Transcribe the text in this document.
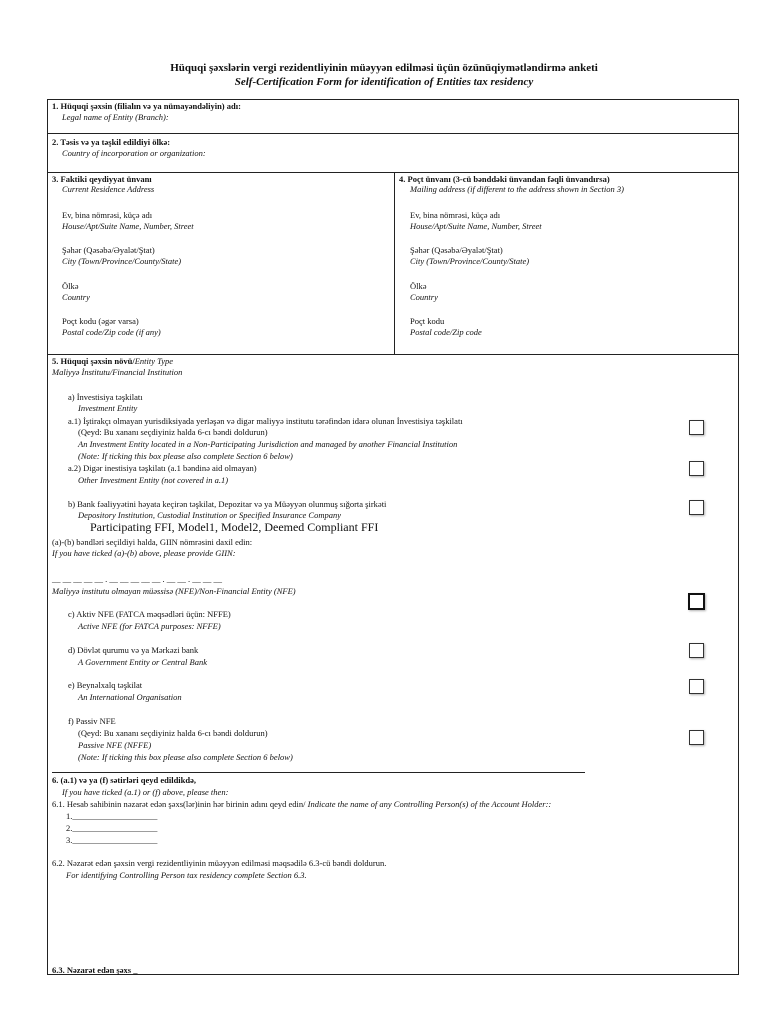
Hüquqi şəxslərin vergi rezidentliyinin müəyyən edilməsi üçün özünüqiymətləndirmə anketi
Self-Certification Form for identification of Entities tax residency
1. Hüquqi şəxsin (filialın və ya nümayəndəliyin) adı:
Legal name of Entity (Branch):
2. Təsis və ya təşkil edildiyi ölkə:
Country of incorporation or organization:
3. Faktiki qeydiyyat ünvanı
Current Residence Address
Ev, bina nömrəsi, küçə adı
House/Apt/Suite Name, Number, Street
Şəhər (Qəsəbə/Əyalət/Ştat)
City (Town/Province/County/State)
Ölkə
Country
Poçt kodu (əgər varsa)
Postal code/Zip code (if any)
4. Poçt ünvanı (3-cü bənddəki ünvandan fəqli ünvandırsa)
Mailing address (if different to the address shown in Section 3)
Ev, bina nömrəsi, küçə adı
House/Apt/Suite Name, Number, Street
Şəhər (Qəsəbə/Əyalət/Ştat)
City (Town/Province/County/State)
Ölkə
Country
Poçt kodu
Postal code/Zip code
5. Hüquqi şəxsin növü/Entity Type
Maliyyə İnstitutu/Financial Institution
a) İnvestisiya təşkilatı
Investment Entity
a.1) İştirakçı olmayan yurisdiksiyada yerləşən və digər maliyyə institutu tərəfindən idarə olunan İnvestisiya təşkilatı
(Qeyd: Bu xananı seçdiyiniz halda 6-cı bəndi doldurun)
An Investment Entity located in a Non-Participating Jurisdiction and managed by another Financial Institution
(Note: If ticking this box please also complete Section 6 below)
a.2) Digər inestisiya təşkilatı (a.1 bəndinə aid olmayan)
Other Investment Entity (not covered in a.1)
b) Bank fəaliyyətini həyata keçirən təşkilat, Depozitar və ya Müəyyən olunmuş sığorta şirkəti
Depository Institution, Custodial Institution or Specified Insurance Company
Participating FFI, Model1, Model2, Deemed Compliant FFI
(a)-(b) bəndləri seçildiyi halda, GIIN nömrəsini daxil edin:
If you have ticked (a)-(b) above, please provide GIIN:
__ __ __ __ __ . __ __ __ __ __ . __ __ . __ __ __
Maliyyə institutu olmayan müəssisə (NFE)/Non-Financial Entity (NFE)
c) Aktiv NFE (FATCA məqsədləri üçün: NFFE)
Active NFE (for FATCA purposes: NFFE)
d) Dövlət qurumu və ya Mərkəzi bank
A Government Entity or Central Bank
e) Beynəlxalq təşkilat
An International Organisation
f) Passiv NFE
(Qeyd: Bu xananı seçdiyiniz halda 6-cı bəndi doldurun)
Passive NFE (NFFE)
(Note: If ticking this box please also complete Section 6 below)
6. (a.1) və ya (f) sətirləri qeyd edildikdə,
If you have ticked (a.1) or (f) above, please then:
6.1. Hesab sahibinin nəzarət edən şəxs(lər)inin hər birinin adını qeyd edin/ Indicate the name of any Controlling Person(s) of the Account Holder::
1.____________________
2.____________________
3.____________________
6.2. Nəzarət edən şəxsin vergi rezidentliyinin müəyyən edilməsi məqsədilə 6.3-cü bəndi doldurun.
For identifying Controlling Person tax residency complete Section 6.3.
6.3. Nəzarət edən şəxs _
